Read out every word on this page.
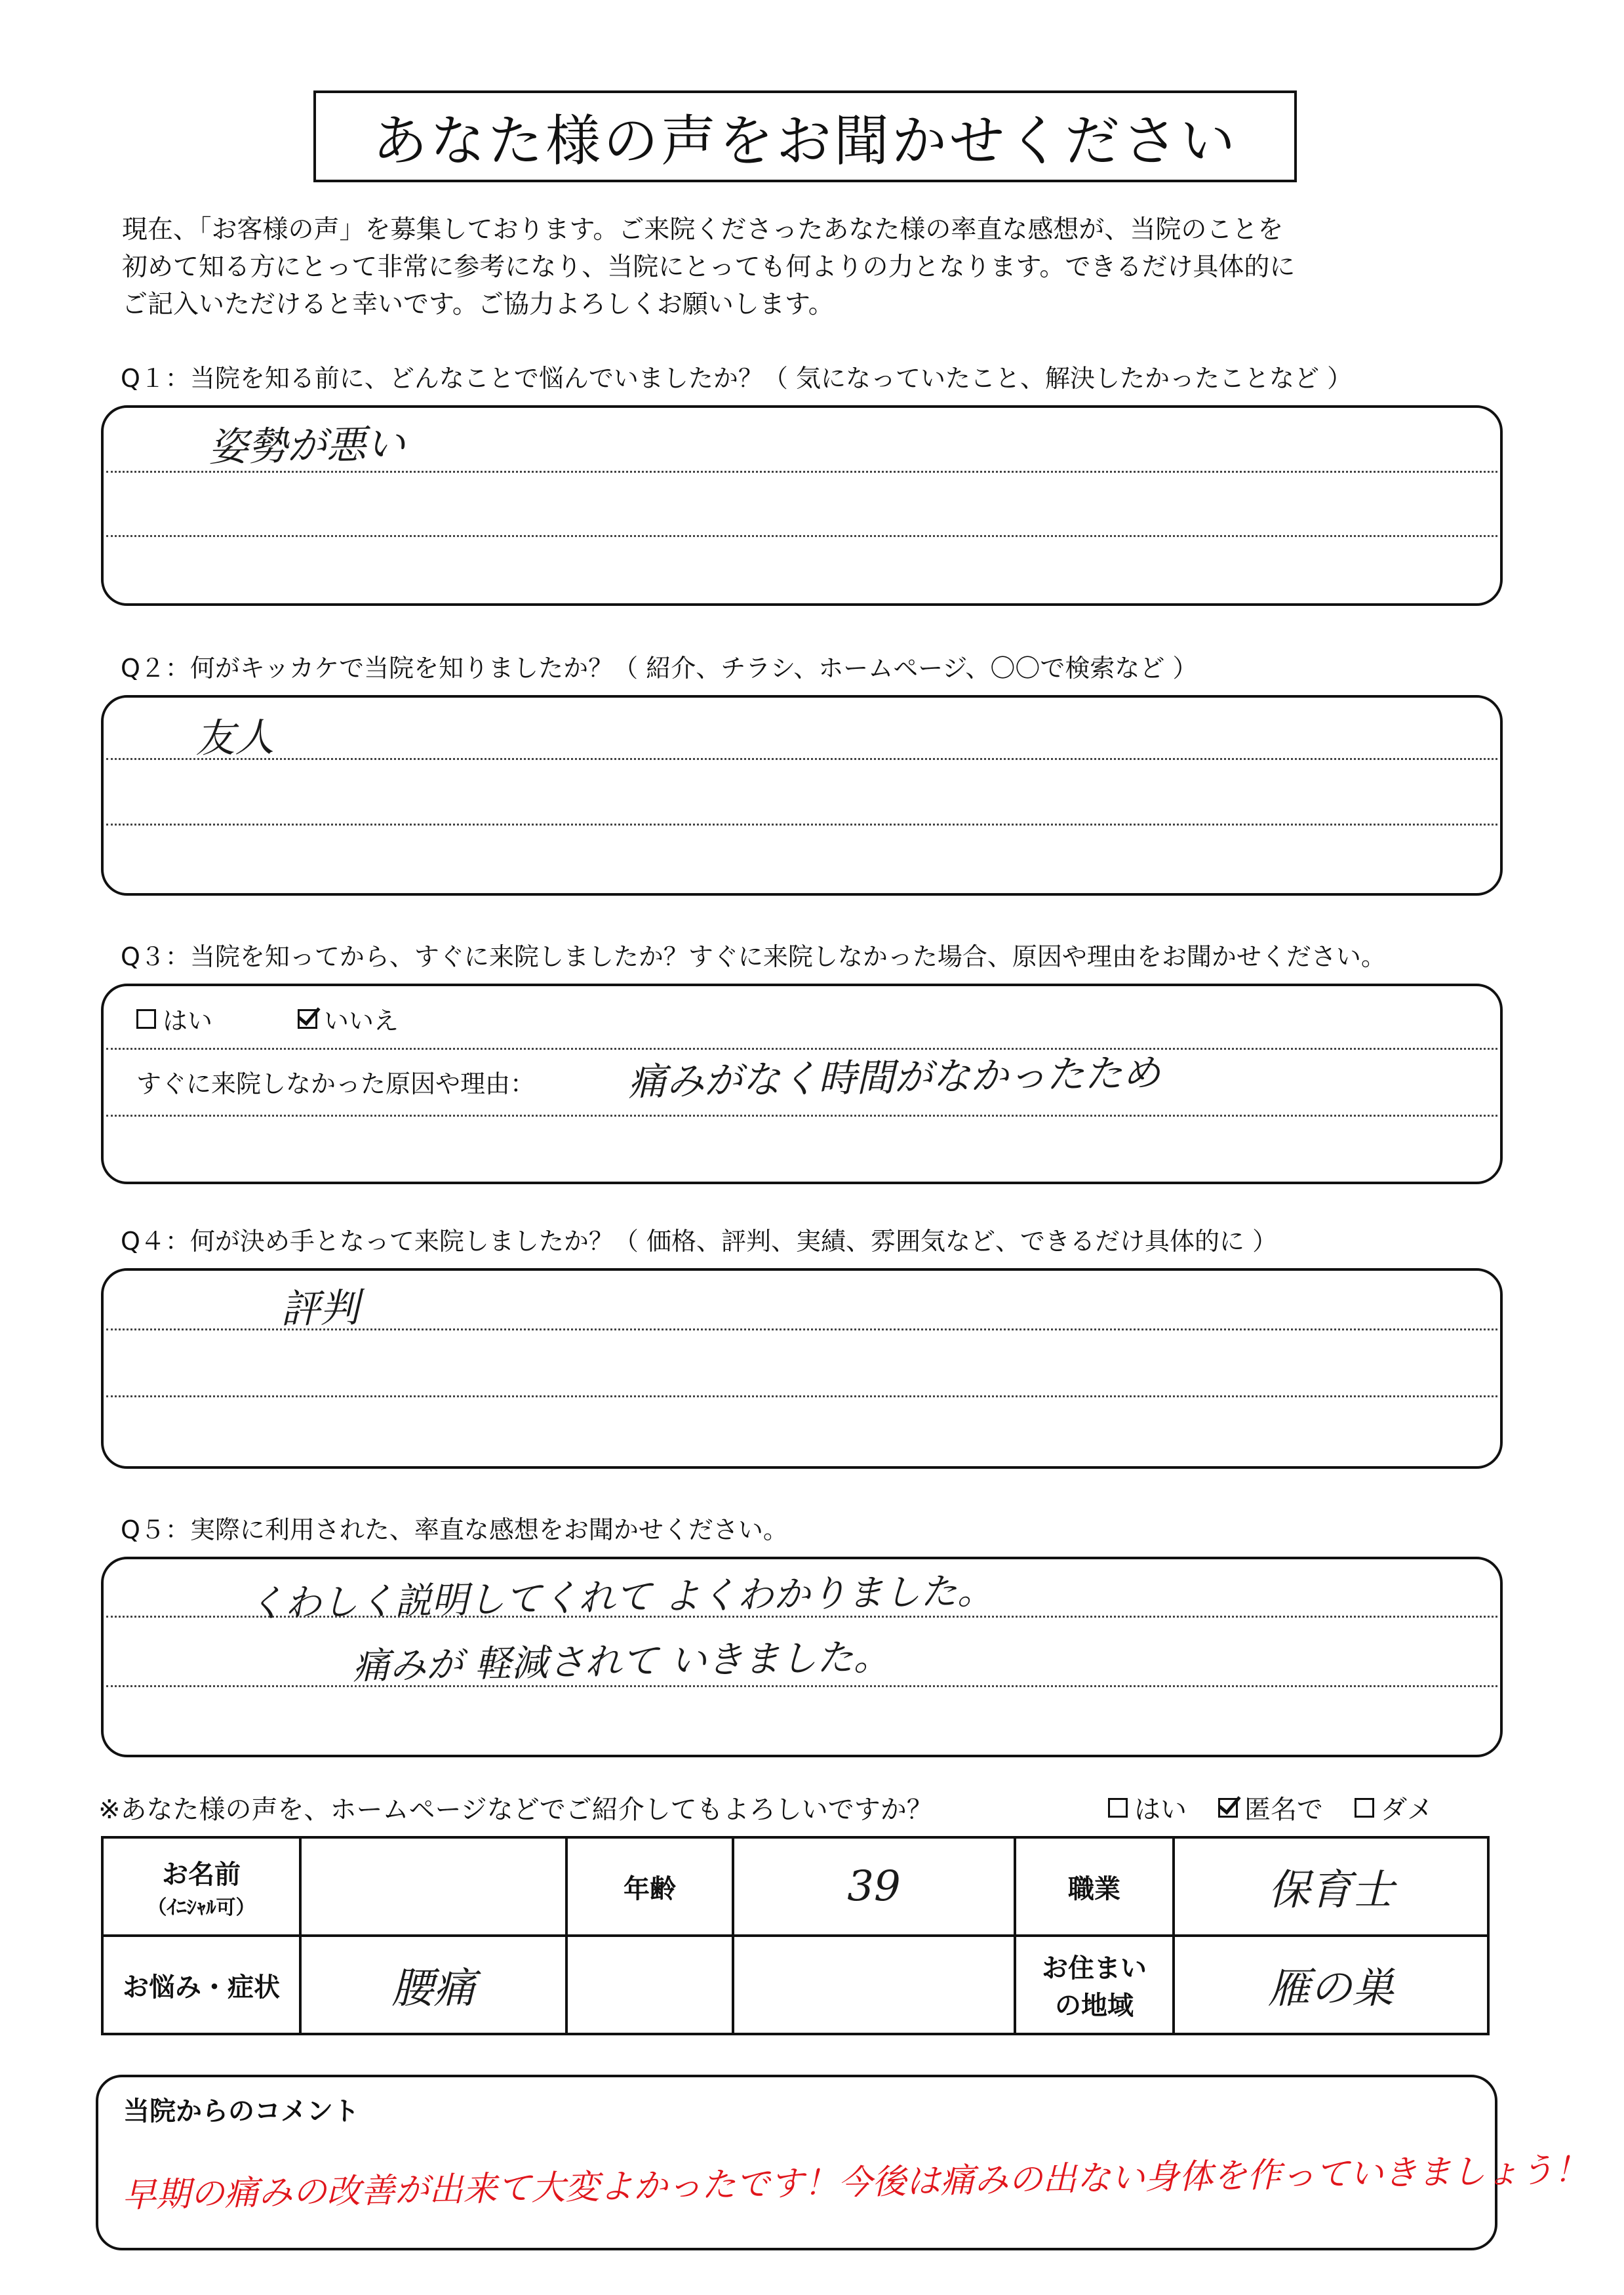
あなた様の声をお聞かせください
現在、「お客様の声」を募集しております。ご来院くださったあなた様の率直な感想が、当院のことを
初めて知る方にとって非常に参考になり、当院にとっても何よりの力となります。できるだけ具体的に
ご記入いただけると幸いです。ご協力よろしくお願いします。
Q１：当院を知る前に、どんなことで悩んでいましたか？（ 気になっていたこと、解決したかったことなど ）
姿勢が悪い
Q２：何がキッカケで当院を知りましたか？（ 紹介、チラシ、ホームページ、〇〇で検索など ）
友人
Q３：当院を知ってから、すぐに来院しましたか？すぐに来院しなかった場合、原因や理由をお聞かせください。
はい	いいえ
すぐに来院しなかった原因や理由： 痛みがなく時間がなかったため
Q４：何が決め手となって来院しましたか？（ 価格、評判、実績、雰囲気など、できるだけ具体的に ）
評判
Q５：実際に利用された、率直な感想をお聞かせください。
くわしく説明してくれて よくわかりました。
痛みが 軽減されて いきました。
※あなた様の声を、ホームページなどでご紹介してもよろしいですか？	はい 匿名で ダメ
お名前
（ｲﾆｼｬﾙ可）		年齢	39	職業	保育士
お悩み・症状	腰痛			お住まい
の地域	雁の巣
当院からのコメント
早期の痛みの改善が出来て大変よかったです！今後は痛みの出ない身体を作っていきましょう！
